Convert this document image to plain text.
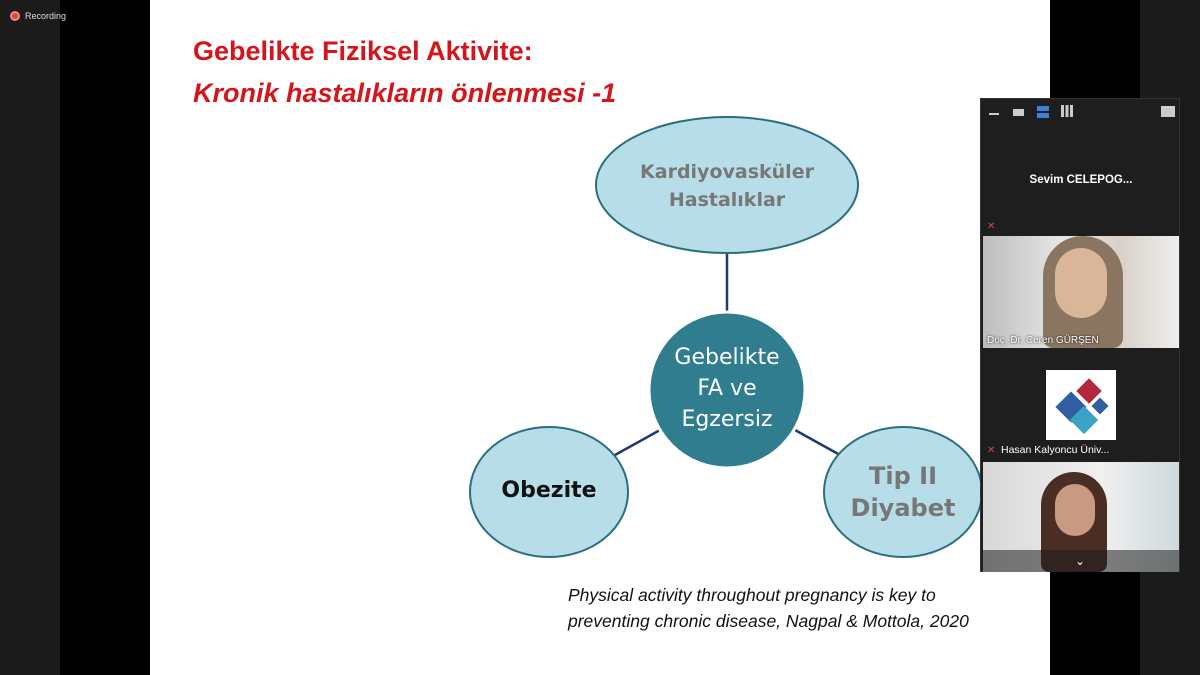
Recording
Gebelikte Fiziksel Aktivite:
Kronik hastalıkların önlenmesi -1
Kardiyovasküler
Hastalıklar
Gebelikte
FA ve
Egzersiz
Obezite
Tip II
Diyabet
Physical activity throughout pregnancy is key to preventing chronic disease, Nagpal & Mottola, 2020
Sevim CELEPOG...
✕
Doç. Dr. Ceren GÜRŞEN
✕ Hasan Kalyoncu Üniv...
⌄
